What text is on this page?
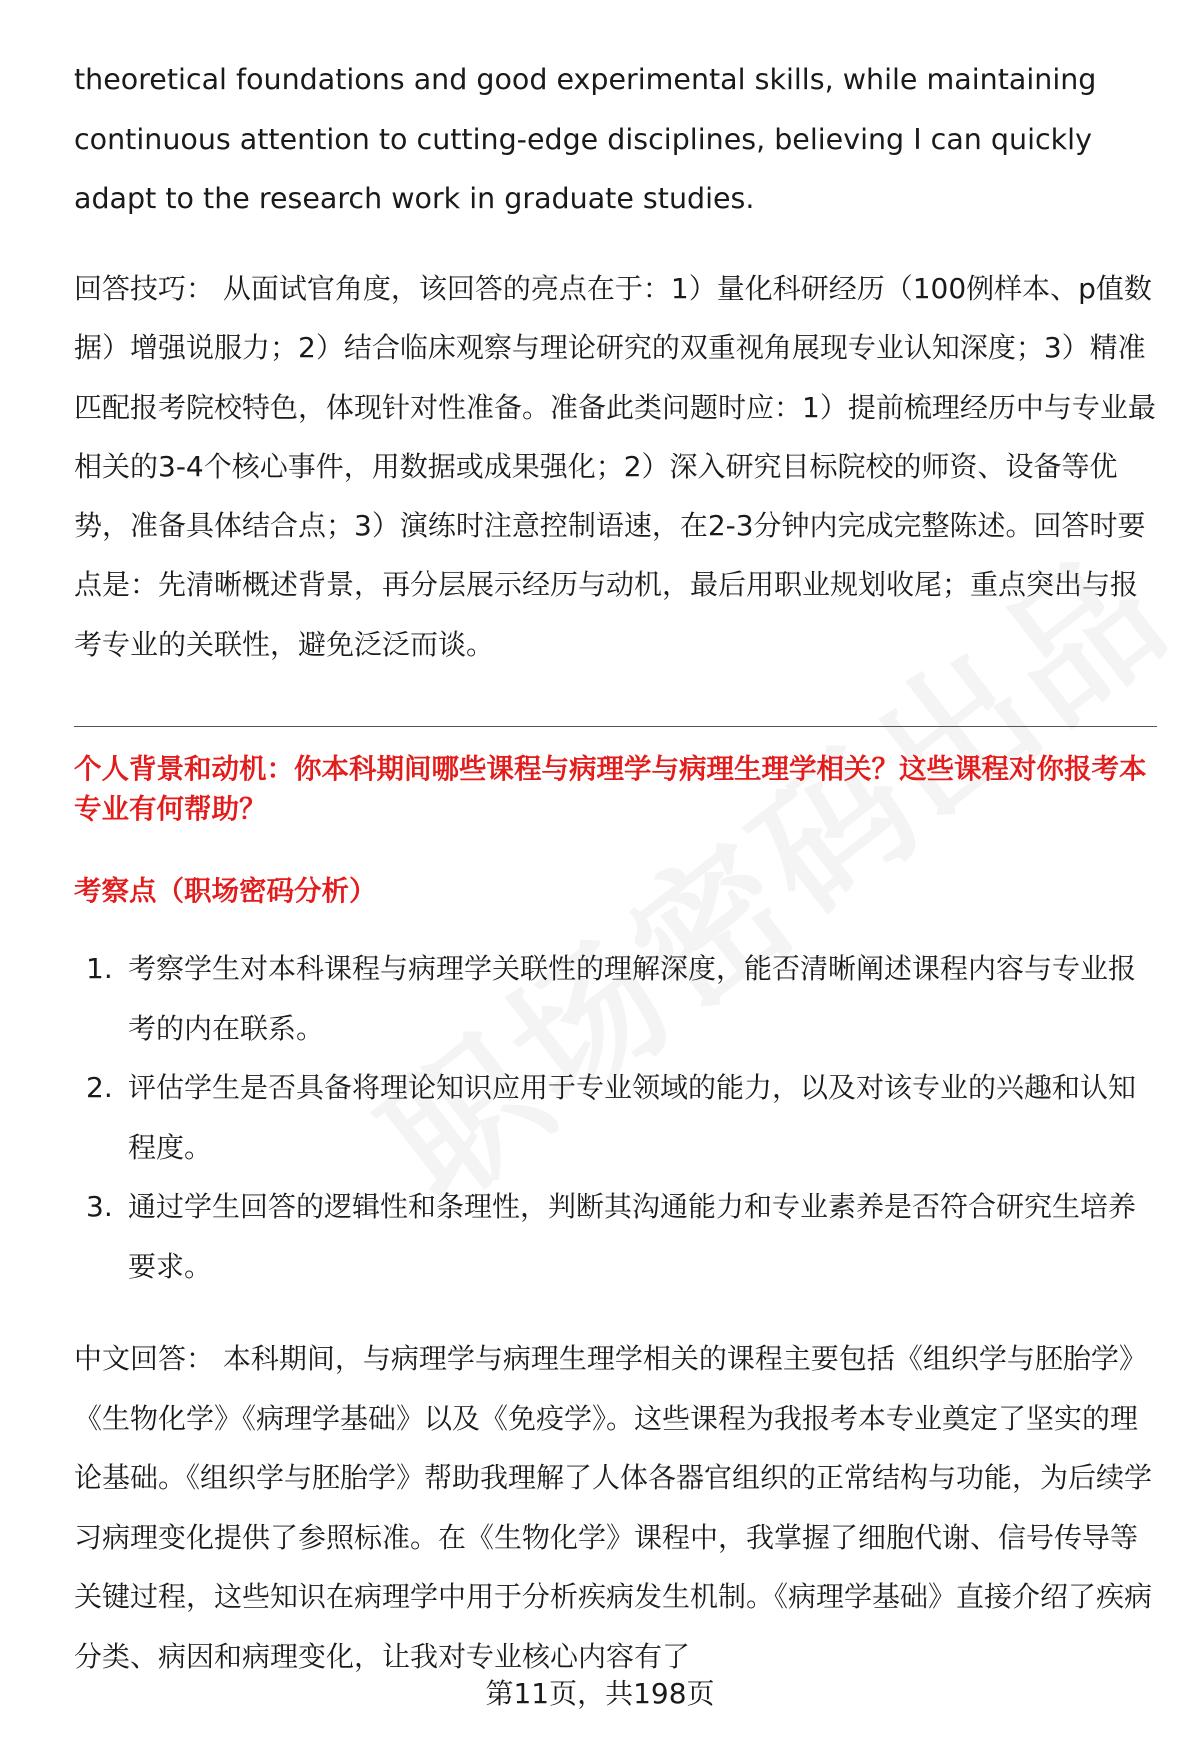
theoretical foundations and good experimental skills, while maintaining continuous attention to cutting-edge disciplines, believing I can quickly adapt to the research work in graduate studies.

回答技巧： 从面试官角度，该回答的亮点在于：1）量化科研经历（100例样本、p值数据）增强说服力；2）结合临床观察与理论研究的双重视角展现专业认知深度；3）精准匹配报考院校特色，体现针对性准备。准备此类问题时应：1）提前梳理经历中与专业最相关的3-4个核心事件，用数据或成果强化；2）深入研究目标院校的师资、设备等优势，准备具体结合点；3）演练时注意控制语速，在2-3分钟内完成完整陈述。回答时要点是：先清晰概述背景，再分层展示经历与动机，最后用职业规划收尾；重点突出与报考专业的关联性，避免泛泛而谈。

个人背景和动机：你本科期间哪些课程与病理学与病理生理学相关？这些课程对你报考本专业有何帮助？
考察点（职场密码分析）
1. 考察学生对本科课程与病理学关联性的理解深度，能否清晰阐述课程内容与专业报考的内在联系。
2. 评估学生是否具备将理论知识应用于专业领域的能力，以及对该专业的兴趣和认知程度。
3. 通过学生回答的逻辑性和条理性，判断其沟通能力和专业素养是否符合研究生培养要求。

中文回答： 本科期间，与病理学与病理生理学相关的课程主要包括《组织学与胚胎学》《生物化学》《病理学基础》以及《免疫学》。这些课程为我报考本专业奠定了坚实的理论基础。《组织学与胚胎学》帮助我理解了人体各器官组织的正常结构与功能，为后续学习病理变化提供了参照标准。在《生物化学》课程中，我掌握了细胞代谢、信号传导等关键过程，这些知识在病理学中用于分析疾病发生机制。《病理学基础》直接介绍了疾病分类、病因和病理变化，让我对专业核心内容有了

第11页，共198页
